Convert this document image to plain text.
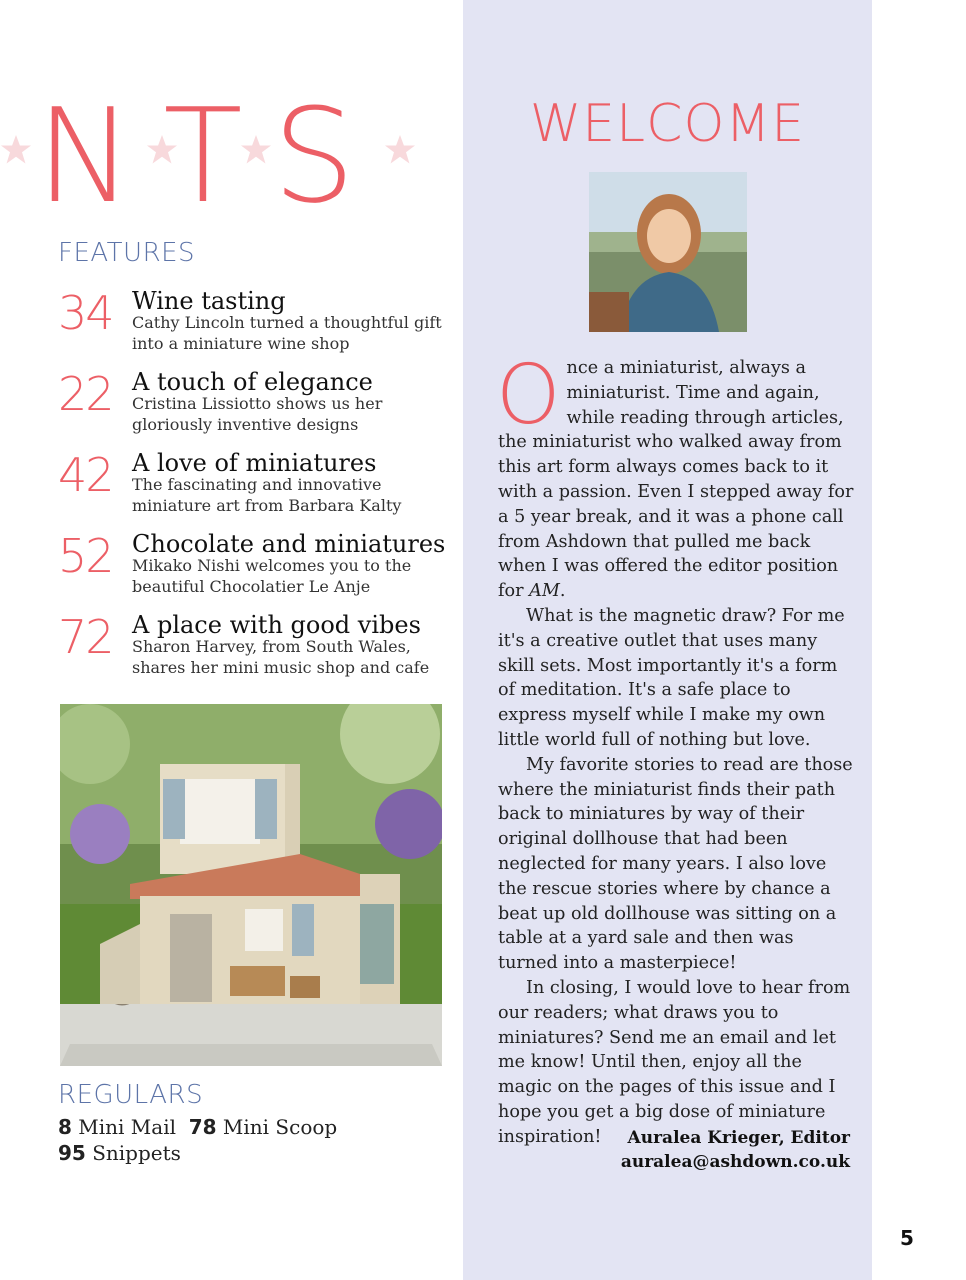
NTS
FEATURES
34 Wine tasting
Cathy Lincoln turned a thoughtful gift into a miniature wine shop
22 A touch of elegance
Cristina Lissiotto shows us her gloriously inventive designs
42 A love of miniatures
The fascinating and innovative miniature art from Barbara Kalty
52 Chocolate and miniatures
Mikako Nishi welcomes you to the beautiful Chocolatier Le Anje
72 A place with good vibes
Sharon Harvey, from South Wales, shares her mini music shop and cafe
REGULARS
8 Mini Mail 78 Mini Scoop
95 Snippets
WELCOME

Once a miniaturist, always a miniaturist. Time and again, while reading through articles, the miniaturist who walked away from this art form always comes back to it with a passion. Even I stepped away for a 5 year break, and it was a phone call from Ashdown that pulled me back when I was offered the editor position for AM.

What is the magnetic draw? For me it's a creative outlet that uses many skill sets. Most importantly it's a form of meditation. It's a safe place to express myself while I make my own little world full of nothing but love.

My favorite stories to read are those where the miniaturist finds their path back to miniatures by way of their original dollhouse that had been neglected for many years. I also love the rescue stories where by chance a beat up old dollhouse was sitting on a table at a yard sale and then was turned into a masterpiece!

In closing, I would love to hear from our readers; what draws you to miniatures? Send me an email and let me know! Until then, enjoy all the magic on the pages of this issue and I hope you get a big dose of miniature inspiration!	Auralea Krieger, Editor
auralea@ashdown.co.uk
5
